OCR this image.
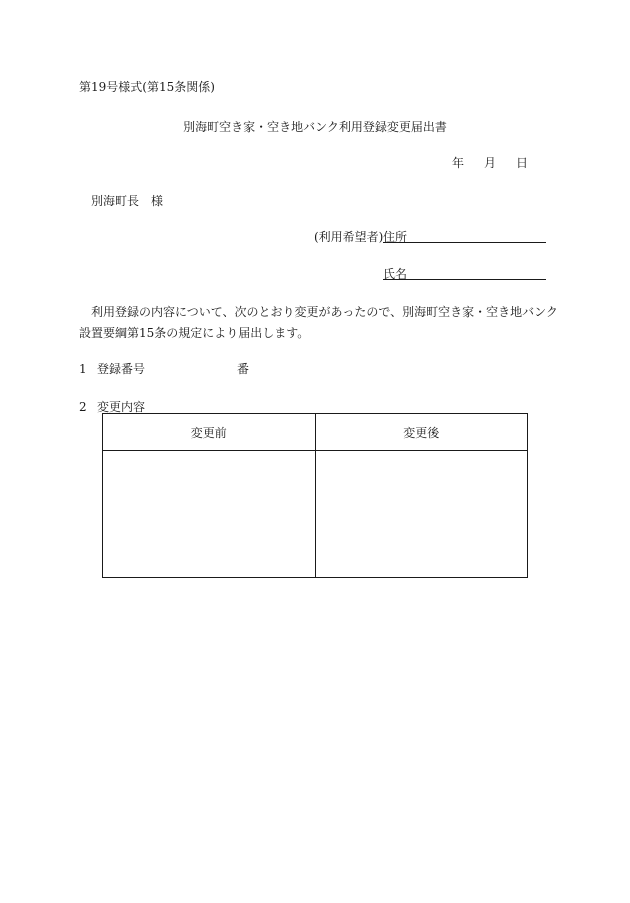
第19号様式(第15条関係)
別海町空き家・空き地バンク利用登録変更届出書
年 月 日
別海町長 様
(利用希望者) 住所
氏名
利用登録の内容について、次のとおり変更があったので、別海町空き家・空き地バンク
設置要綱第15条の規定により届出します。
1 登録番号	番
2 変更内容
変更前	変更後
